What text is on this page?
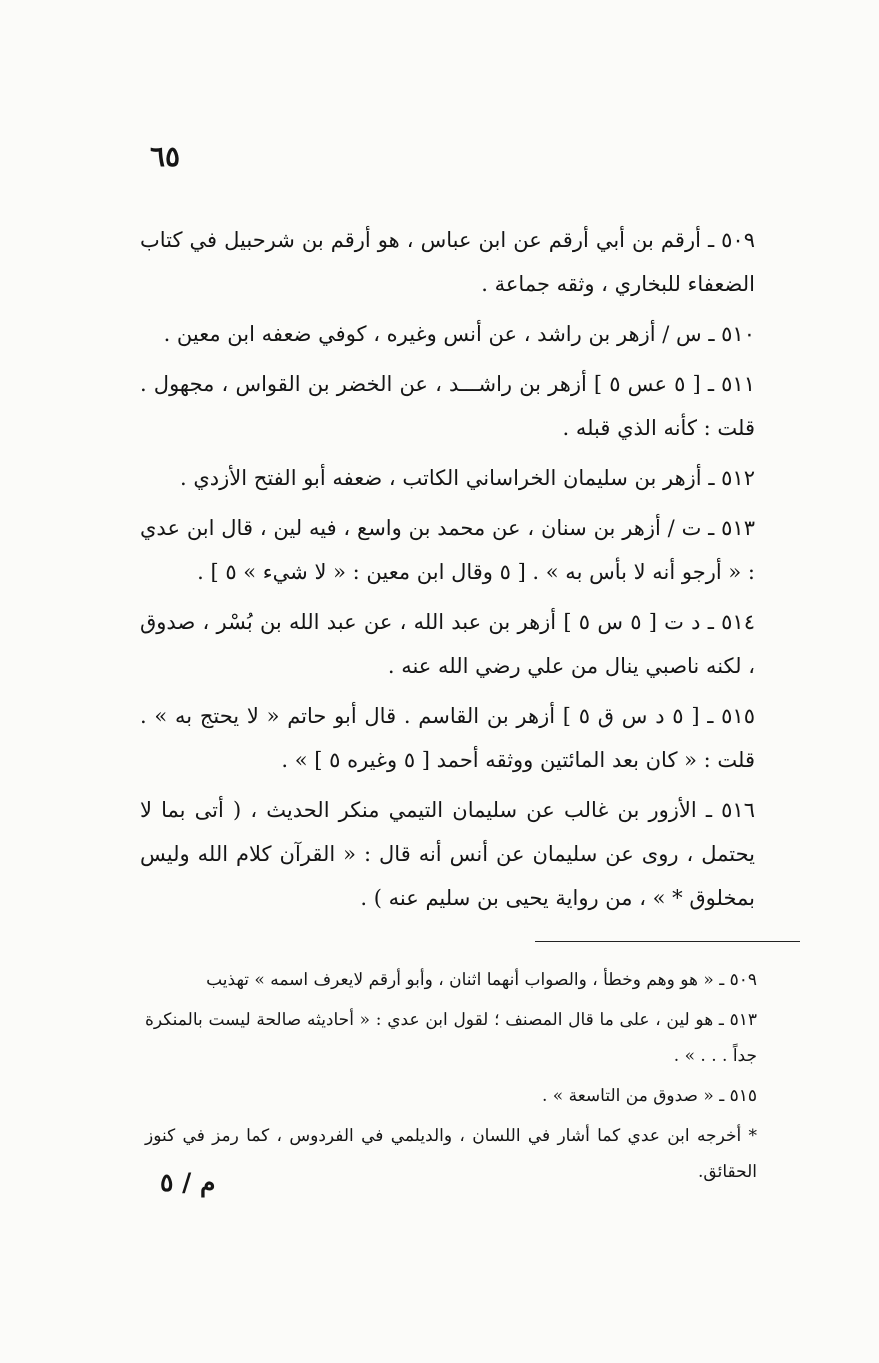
٦٥

٥٠٩ ـ أرقم بن أبي أرقم عن ابن عباس ، هو أرقم بن شرحبيل في كتاب الضعفاء للبخاري ، وثقه جماعة .

٥١٠ ـ س / أزهر بن راشد ، عن أنس وغيره ، كوفي ضعفه ابن معين .

٥١١ ـ [ ٥ عس ٥ ] أزهر بن راشـــد ، عن الخضر بن القواس ، مجهول . قلت : كأنه الذي قبله .

٥١٢ ـ أزهر بن سليمان الخراساني الكاتب ، ضعفه أبو الفتح الأزدي .

٥١٣ ـ ت / أزهر بن سنان ، عن محمد بن واسع ، فيه لين ، قال ابن عدي : « أرجو أنه لا بأس به » . [ ٥ وقال ابن معين : « لا شيء » ٥ ] .

٥١٤ ـ د ت [ ٥ س ٥ ] أزهر بن عبد الله ، عن عبد الله بن بُسْر ، صدوق ، لكنه ناصبي ينال من علي رضي الله عنه .

٥١٥ ـ [ ٥ د س ق ٥ ] أزهر بن القاسم . قال أبو حاتم « لا يحتج به » . قلت : « كان بعد المائتين ووثقه أحمد [ ٥ وغيره ٥ ] » .

٥١٦ ـ الأزور بن غالب عن سليمان التيمي منكر الحديث ، ( أتى بما لا يحتمل ، روى عن سليمان عن أنس أنه قال : « القرآن كلام الله وليس بمخلوق * » ، من رواية يحيى بن سليم عنه ) .

٥٠٩ ـ « هو وهم وخطأ ، والصواب أنهما اثنان ، وأبو أرقم لايعرف اسمه » تهذيب

٥١٣ ـ هو لين ، على ما قال المصنف ؛ لقول ابن عدي : « أحاديثه صالحة ليست بالمنكرة جداً . . . » .

٥١٥ ـ « صدوق من التاسعة » .

* أخرجه ابن عدي كما أشار في اللسان ، والديلمي في الفردوس ، كما رمز في كنوز الحقائق.

م / ٥
